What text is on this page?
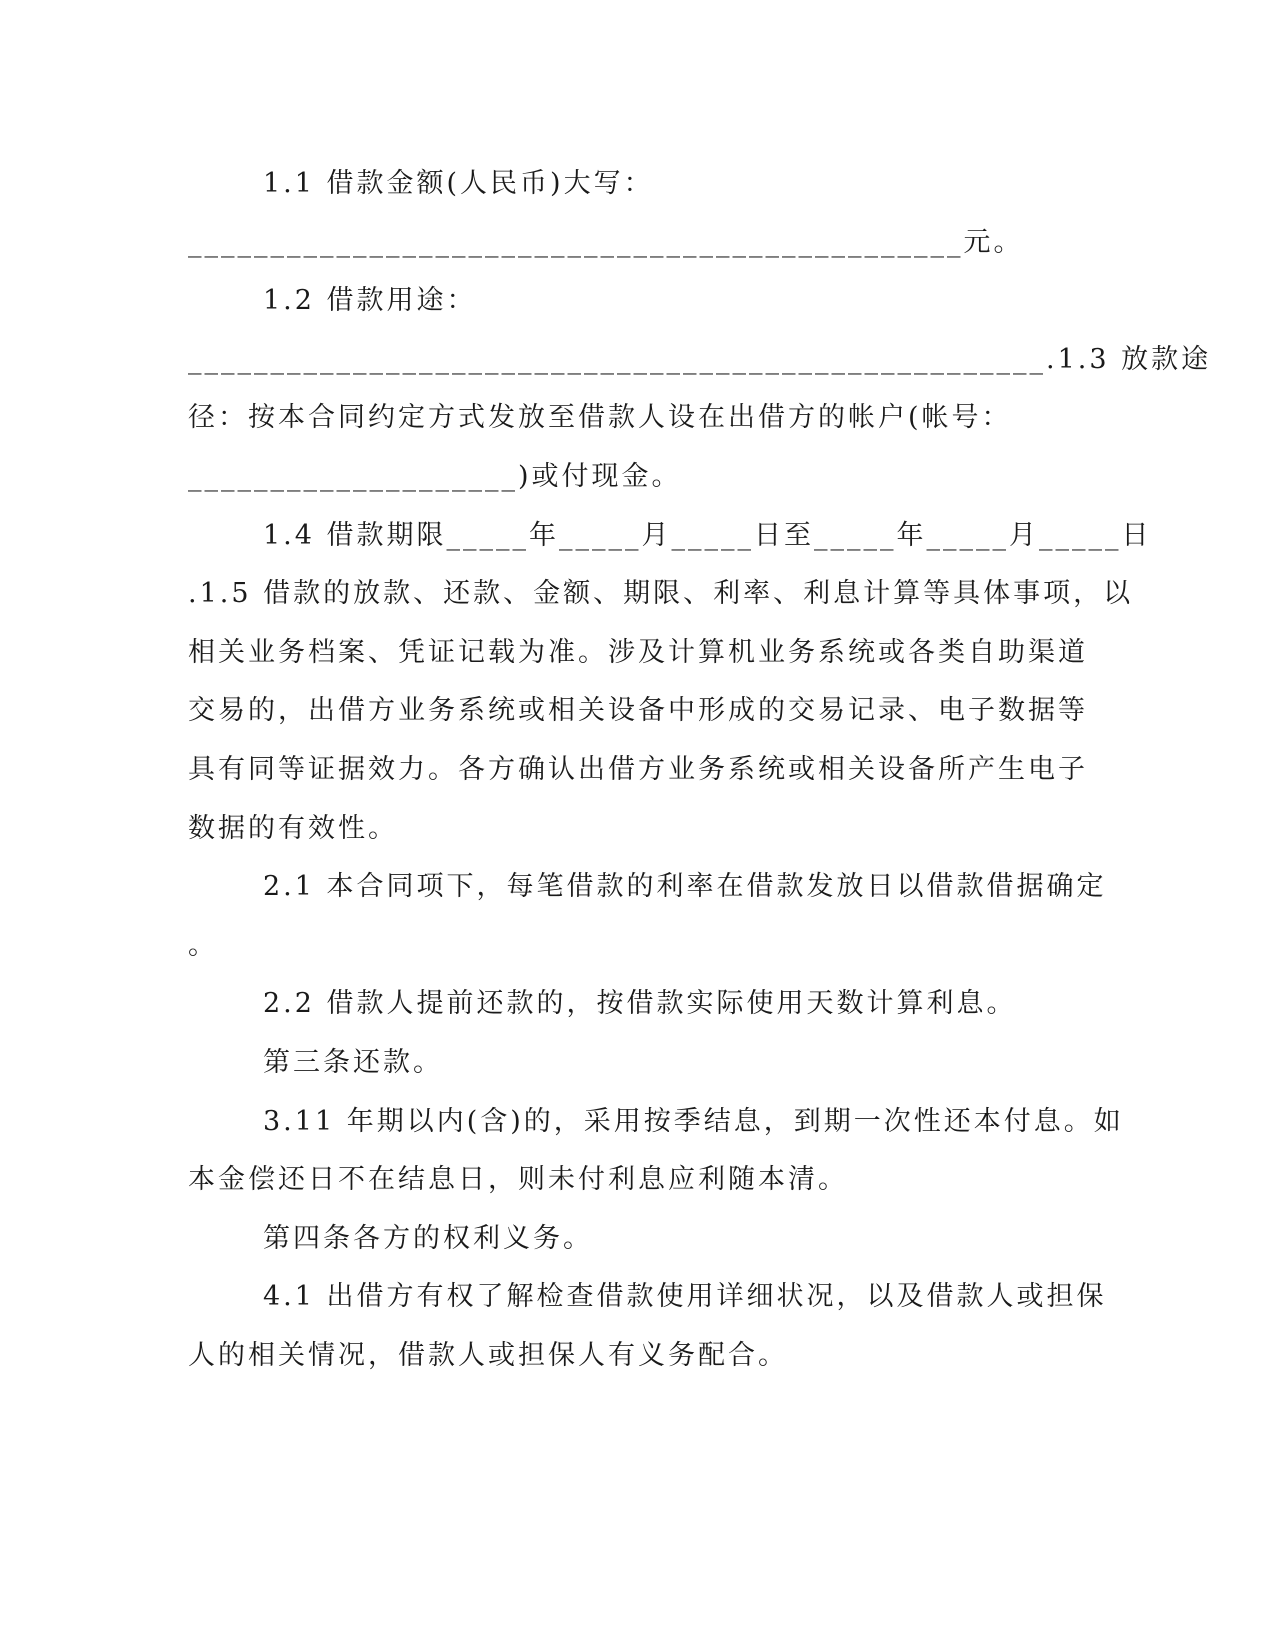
1.1 借款金额(人民币)大写：
_______________________________________________元。
1.2 借款用途：
____________________________________________________.1.3 放款途
径：按本合同约定方式发放至借款人设在出借方的帐户(帐号：
____________________)或付现金。
1.4 借款期限_____年_____月_____日至_____年_____月_____日
.1.5 借款的放款、还款、金额、期限、利率、利息计算等具体事项，以
相关业务档案、凭证记载为准。涉及计算机业务系统或各类自助渠道
交易的，出借方业务系统或相关设备中形成的交易记录、电子数据等
具有同等证据效力。各方确认出借方业务系统或相关设备所产生电子
数据的有效性。
2.1 本合同项下，每笔借款的利率在借款发放日以借款借据确定
。
2.2 借款人提前还款的，按借款实际使用天数计算利息。
第三条还款。
3.11 年期以内(含)的，采用按季结息，到期一次性还本付息。如
本金偿还日不在结息日，则未付利息应利随本清。
第四条各方的权利义务。
4.1 出借方有权了解检查借款使用详细状况，以及借款人或担保
人的相关情况，借款人或担保人有义务配合。
